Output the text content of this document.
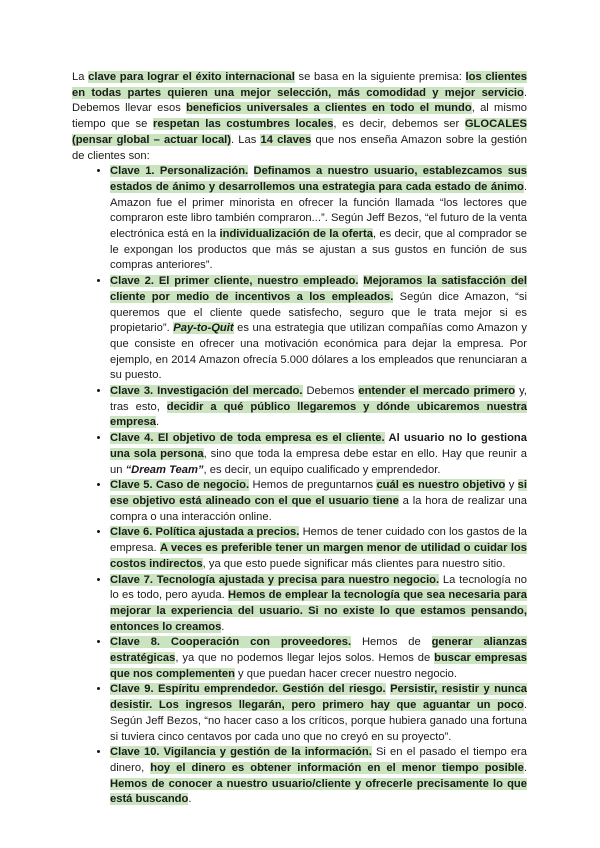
La clave para lograr el éxito internacional se basa en la siguiente premisa: los clientes en todas partes quieren una mejor selección, más comodidad y mejor servicio. Debemos llevar esos beneficios universales a clientes en todo el mundo, al mismo tiempo que se respetan las costumbres locales, es decir, debemos ser GLOCALES (pensar global – actuar local). Las 14 claves que nos enseña Amazon sobre la gestión de clientes son:

• Clave 1. Personalización. Definamos a nuestro usuario, establezcamos sus estados de ánimo y desarrollemos una estrategia para cada estado de ánimo. Amazon fue el primer minorista en ofrecer la función llamada “los lectores que compraron este libro también compraron...”. Según Jeff Bezos, “el futuro de la venta electrónica está en la individualización de la oferta, es decir, que al comprador se le expongan los productos que más se ajustan a sus gustos en función de sus compras anteriores”.
• Clave 2. El primer cliente, nuestro empleado. Mejoramos la satisfacción del cliente por medio de incentivos a los empleados. Según dice Amazon, “si queremos que el cliente quede satisfecho, seguro que le trata mejor si es propietario”. Pay-to-Quit es una estrategia que utilizan compañías como Amazon y que consiste en ofrecer una motivación económica para dejar la empresa. Por ejemplo, en 2014 Amazon ofrecía 5.000 dólares a los empleados que renunciaran a su puesto.
• Clave 3. Investigación del mercado. Debemos entender el mercado primero y, tras esto, decidir a qué público llegaremos y dónde ubicaremos nuestra empresa.
• Clave 4. El objetivo de toda empresa es el cliente. Al usuario no lo gestiona una sola persona, sino que toda la empresa debe estar en ello. Hay que reunir a un “Dream Team”, es decir, un equipo cualificado y emprendedor.
• Clave 5. Caso de negocio. Hemos de preguntarnos cuál es nuestro objetivo y si ese objetivo está alineado con el que el usuario tiene a la hora de realizar una compra o una interacción online.
• Clave 6. Política ajustada a precios. Hemos de tener cuidado con los gastos de la empresa. A veces es preferible tener un margen menor de utilidad o cuidar los costos indirectos, ya que esto puede significar más clientes para nuestro sitio.
• Clave 7. Tecnología ajustada y precisa para nuestro negocio. La tecnología no lo es todo, pero ayuda. Hemos de emplear la tecnología que sea necesaria para mejorar la experiencia del usuario. Si no existe lo que estamos pensando, entonces lo creamos.
• Clave 8. Cooperación con proveedores. Hemos de generar alianzas estratégicas, ya que no podemos llegar lejos solos. Hemos de buscar empresas que nos complementen y que puedan hacer crecer nuestro negocio.
• Clave 9. Espíritu emprendedor. Gestión del riesgo. Persistir, resistir y nunca desistir. Los ingresos llegarán, pero primero hay que aguantar un poco. Según Jeff Bezos, “no hacer caso a los críticos, porque hubiera ganado una fortuna si tuviera cinco centavos por cada uno que no creyó en su proyecto”.
• Clave 10. Vigilancia y gestión de la información. Si en el pasado el tiempo era dinero, hoy el dinero es obtener información en el menor tiempo posible. Hemos de conocer a nuestro usuario/cliente y ofrecerle precisamente lo que está buscando.
